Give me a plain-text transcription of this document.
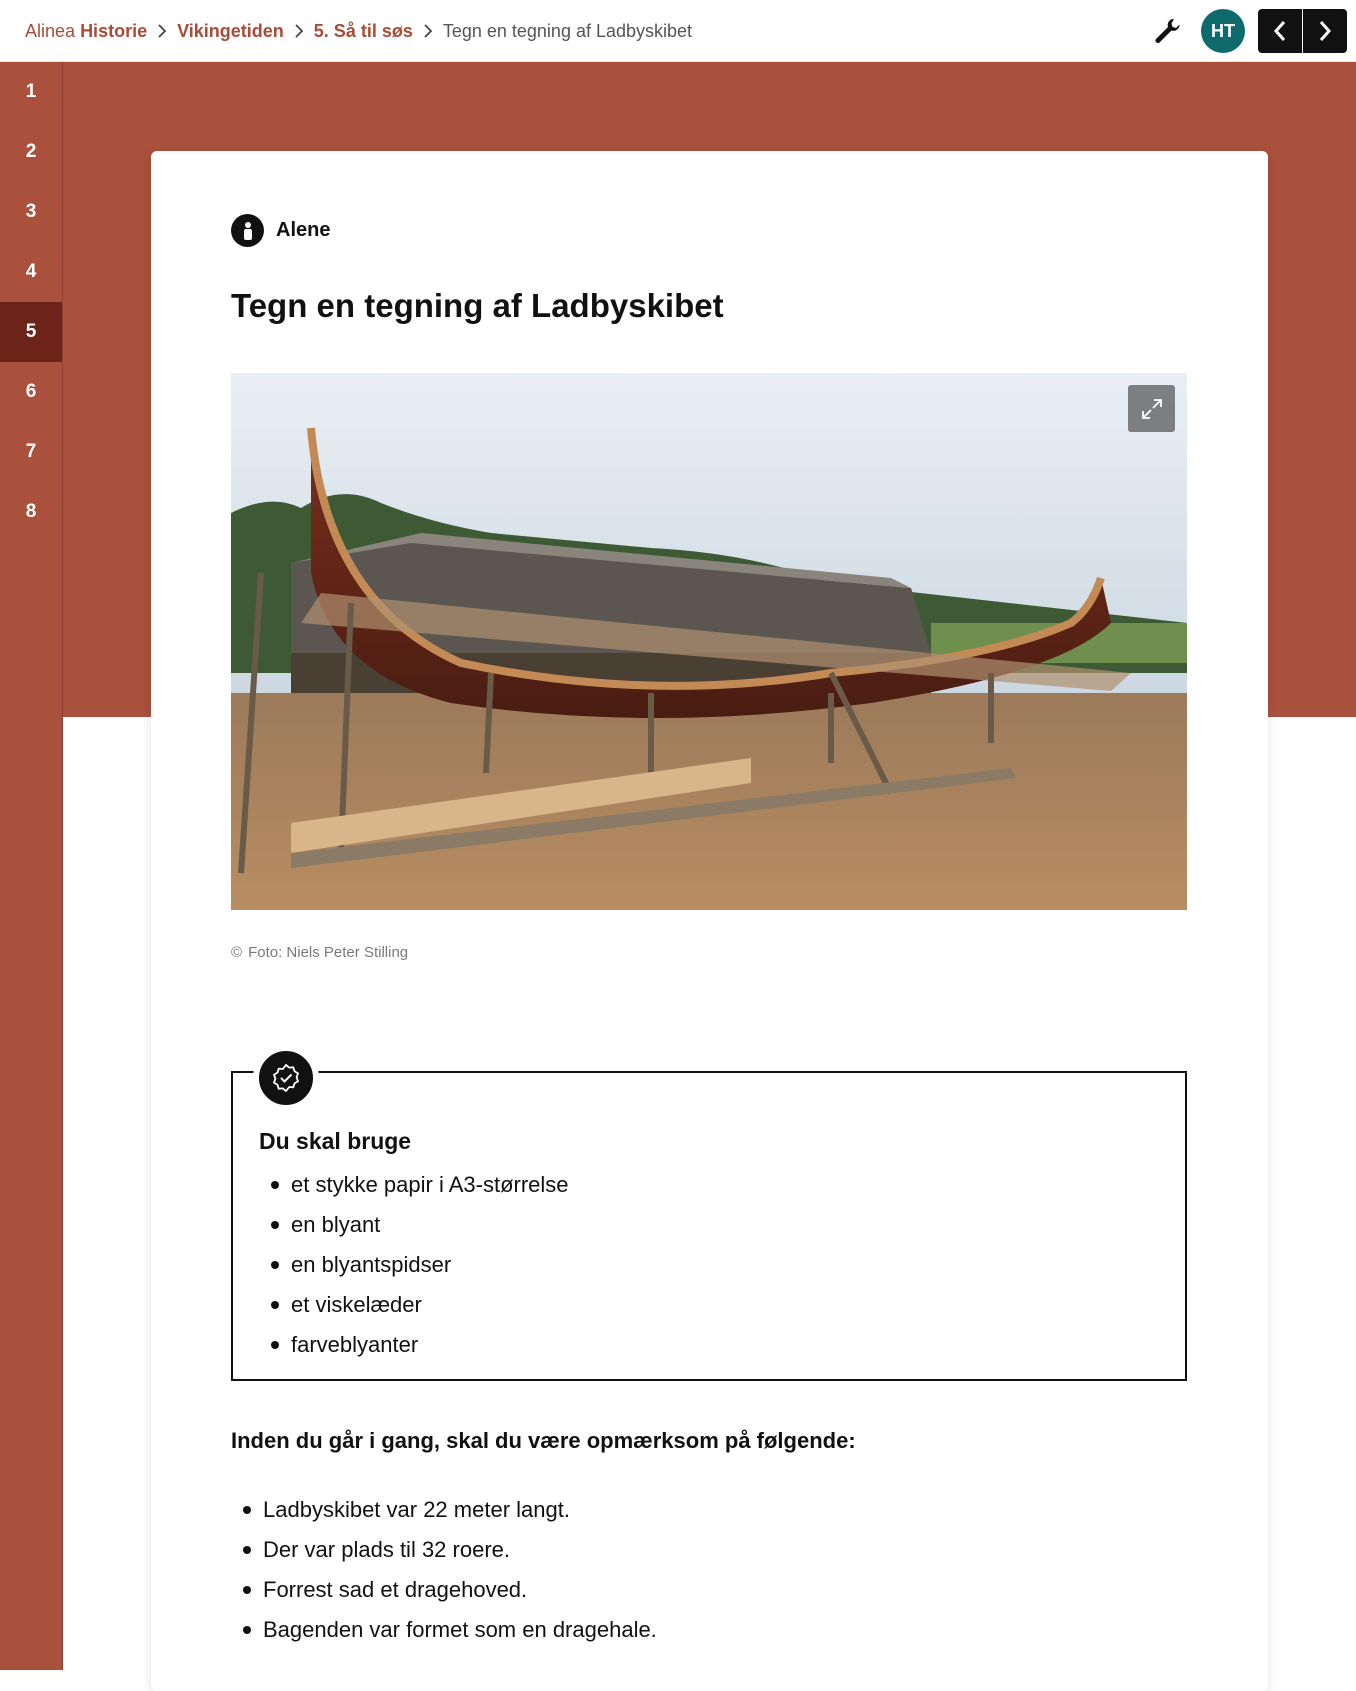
Alinea Historie Vikingetiden 5. Så til søs Tegn en tegning af Ladbyskibet	HT
1
2
3
4
5
6
7
8
Alene
Tegn en tegning af Ladbyskibet
© Foto: Niels Peter Stilling
Du skal bruge
et stykke papir i A3-størrelse
en blyant
en blyantspidser
et viskelæder
farveblyanter
Inden du går i gang, skal du være opmærksom på følgende:
Ladbyskibet var 22 meter langt.
Der var plads til 32 roere.
Forrest sad et dragehoved.
Bagenden var formet som en dragehale.
